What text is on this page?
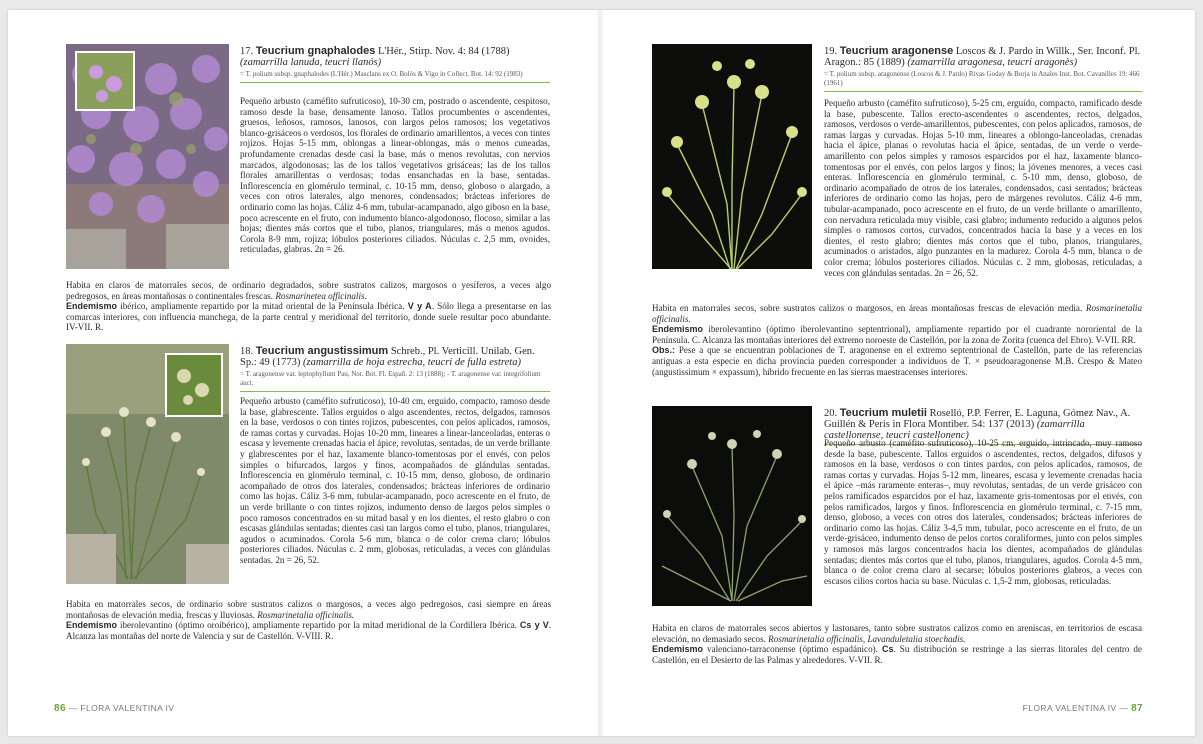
17. Teucrium gnaphalodes L'Hér., Stirp. Nov. 4: 84 (1788) (zamarrilla lanuda, teucri llanós)
= T. polium subsp. gnaphalodes (L'Hér.) Masclans ex O. Bolòs & Vigo in Collect. Bot. 14: 92 (1983)
Pequeño arbusto (caméfito sufruticoso), 10-30 cm, postrado o ascendente, cespitoso, ramoso desde la base, densamente lanoso. Tallos procumbentes o ascendentes, gruesos, leñosos, ramosos, lanosos, con largos pelos ramosos; los vegetativos blanco-grisáceos o verdosos, los florales de ordinario amarillentos, a veces con tintes rojizos. Hojas 5-15 mm, oblongas a linear-oblongas, más o menos cuneadas, profundamente crenadas desde casi la base, más o menos revolutas, con nervios marcados, algodonosas; las de los tallos vegetativos grisáceas; las de los tallos florales amarillentas o verdosas; todas ensanchadas en la base, sentadas. Inflorescencia en glomérulo terminal, c. 10-15 mm, denso, globoso o alargado, a veces con otros laterales, algo menores, condensados; brácteas inferiores de ordinario como las hojas. Cáliz 4-6 mm, tubular-acampanado, algo giboso en la base, poco acrescente en el fruto, con indumento blanco-algodonoso, flocoso, similar a las hojas; dientes más cortos que el tubo, planos, triangulares, más o menos agudos. Corola 8-9 mm, rojiza; lóbulos posteriores ciliados. Núculas c. 2,5 mm, ovoides, reticuladas, glabras. 2n = 26.
Habita en claros de matorrales secos, de ordinario degradados, sobre sustratos calizos, margosos o yesíferos, a veces algo pedregosos, en áreas montañosas o continentales frescas. Rosmarinetea officinalis.
Endemismo ibérico, ampliamente repartido por la mitad oriental de la Península Ibérica. V y A. Sólo llega a presentarse en las comarcas interiores, con influencia manchega, de la parte central y meridional del territorio, donde suele resultar poco abundante. IV-VII. R.
18. Teucrium angustissimum Schreb., Pl. Verticill. Unilab. Gen. Sp.: 49 (1773) (zamarrilla de hoja estrecha, teucri de fulla estreta)
= T. aragonense var. leptophyllum Pau, Not. Bot. Fl. Españ. 2: 13 (1888); - T. aragonense var. integrifolium auct.
Pequeño arbusto (caméfito sufruticoso), 10-40 cm, erguido, compacto, ramoso desde la base, glabrescente. Tallos erguidos o algo ascendentes, rectos, delgados, ramosos en la base, verdosos o con tintes rojizos, pubescentes, con pelos aplicados, ramosos, de ramas cortas y curvadas. Hojas 10-20 mm, lineares a linear-lanceoladas, enteras o escasa y levemente crenadas hacia el ápice, revolutas, sentadas, de un verde brillante y glabrescentes por el haz, laxamente blanco-tomentosas por el envés, con pelos simples o bifurcados, largos y finos, acompañados de glándulas sentadas. Inflorescencia en glomérulo terminal, c. 10-15 mm, denso, globoso, de ordinario acompañado de otros dos laterales, condensados; brácteas inferiores de ordinario como las hojas. Cáliz 3-6 mm, tubular-acampanado, poco acrescente en el fruto, de un verde brillante o con tintes rojizos, indumento denso de largos pelos simples o poco ramosos concentrados en su mitad basal y en los dientes, el resto glabro o con escasas glándulas sentadas; dientes casi tan largos como el tubo, planos, triangulares, agudos o acuminados. Corola 5-6 mm, blanca o de color crema claro; lóbulos posteriores ciliados. Núculas c. 2 mm, globosas, reticuladas, a veces con glándulas sentadas. 2n = 26, 52.
Habita en matorrales secos, de ordinario sobre sustratos calizos o margosos, a veces algo pedregosos, casi siempre en áreas montañosas de elevación media, frescas y lluviosas. Rosmarinetalia officinalis.
Endemismo iberolevantino (óptimo oroibérico), ampliamente repartido por la mitad meridional de la Cordillera Ibérica. Cs y V. Alcanza las montañas del norte de Valencia y sur de Castellón. V-VIII. R.
86 — FLORA VALENTINA IV
19. Teucrium aragonense Loscos & J. Pardo in Willk., Ser. Inconf. Pl. Aragon.: 85 (1889) (zamarrilla aragonesa, teucri aragonès)
= T. polium subsp. aragonense (Loscos & J. Pardo) Rivas Goday & Borja in Anales Inst. Bot. Cavanilles 19: 466 (1961)
Pequeño arbusto (caméfito sufruticoso), 5-25 cm, erguido, compacto, ramificado desde la base, pubescente. Tallos erecto-ascendentes o ascendentes, rectos, delgados, ramosos, verdosos o verde-amarillentos, pubescentes, con pelos aplicados, ramosos, de ramas largas y curvadas. Hojas 5-10 mm, lineares a oblongo-lanceoladas, crenadas hacia el ápice, planas o revolutas hacia el ápice, sentadas, de un verde o verde-amarillento con pelos simples y ramosos esparcidos por el haz, laxamente blanco-tomentosas por el envés, con pelos largos y finos; la jóvenes menores, a veces casi enteras. Inflorescencia en glomérulo terminal, c. 5-10 mm, denso, globoso, de ordinario acompañado de otros de los laterales, condensados, casi sentados; brácteas inferiores de ordinario como las hojas, pero de márgenes revolutos. Cáliz 4-6 mm, tubular-acampanado, poco acrescente en el fruto, de un verde brillante o amarillento, con nervadura reticulada muy visible, casi glabro; indumento reducido a algunos pelos simples o ramosos cortos, curvados, concentrados hacia la base y a veces en los dientes, el resto glabro; dientes más cortos que el tubo, planos, triangulares, acuminados o aristados, algo punzantes en la madurez. Corola 4-5 mm, blanca o de color crema; lóbulos posteriores ciliados. Núculas c. 2 mm, globosas, reticuladas, a veces con glándulas sentadas. 2n = 26, 52.
Habita en matorrales secos, sobre sustratos calizos o margosos, en áreas montañosas frescas de elevación media. Rosmarinetalia officinalis.
Endemismo iberolevantino (óptimo iberolevantino septentrional), ampliamente repartido por el cuadrante nororiental de la Península. C. Alcanza las montañas interiores del extremo noroeste de Castellón, por la zona de Zorita (cuenca del Ebro). V-VII. RR.
Obs.: Pese a que se encuentran poblaciones de T. aragonense en el extremo septentrional de Castellón, parte de las referencias antiguas a esta especie en dicha provincia pueden corresponder a individuos de T. × pseudoaragonense M.B. Crespo & Mateo (angustissimum × expassum), híbrido frecuente en las sierras maestracenses interiores.
20. Teucrium muletii Roselló, P.P. Ferrer, E. Laguna, Gómez Nav., A. Guillén & Peris in Flora Montiber. 54: 137 (2013) (zamarrilla castellonense, teucri castellonenc)
Pequeño arbusto (caméfito sufruticoso), 10-25 cm, erguido, intrincado, muy ramoso desde la base, pubescente. Tallos erguidos o ascendentes, rectos, delgados, difusos y ramosos en la base, verdosos o con tintes pardos, con pelos aplicados, ramosos, de ramas cortas y curvadas. Hojas 5-12 mm, lineares, escasa y levemente crenadas hacia el ápice –más raramente enteras–, muy revolutas, sentadas, de un verde grisáceo con pelos ramificados esparcidos por el haz, laxamente gris-tomentosas por el envés, con pelos ramificados, largos y finos. Inflorescencia en glomérulo terminal, c. 7-15 mm, denso, globoso, a veces con otros dos laterales, condensados; brácteas inferiores de ordinario como las hojas. Cáliz 3-4,5 mm, tubular, poco acrescente en el fruto, de un verde-grisáceo, indumento denso de pelos cortos coraliformes, junto con pelos simples y ramosos más largos concentrados hacia los dientes, acompañados de glándulas sentadas; dientes más cortos que el tubo, planos, triangulares, agudos. Corola 4-5 mm, blanca o de color crema claro al secarse; lóbulos posteriores glabros, a veces con escasos cilios cortos hacia su base. Núculas c. 1,5-2 mm, globosas, reticuladas.
Habita en claros de matorrales secos abiertos y lastonares, tanto sobre sustratos calizos como en areniscas, en territorios de escasa elevación, no demasiado secos. Rosmarinetalia officinalis, Lavanduletalia stoechadis.
Endemismo valenciano-tarraconense (óptimo espadánico). Cs. Su distribución se restringe a las sierras litorales del centro de Castellón, en el Desierto de las Palmas y alrededores. V-VII. R.
FLORA VALENTINA IV — 87
